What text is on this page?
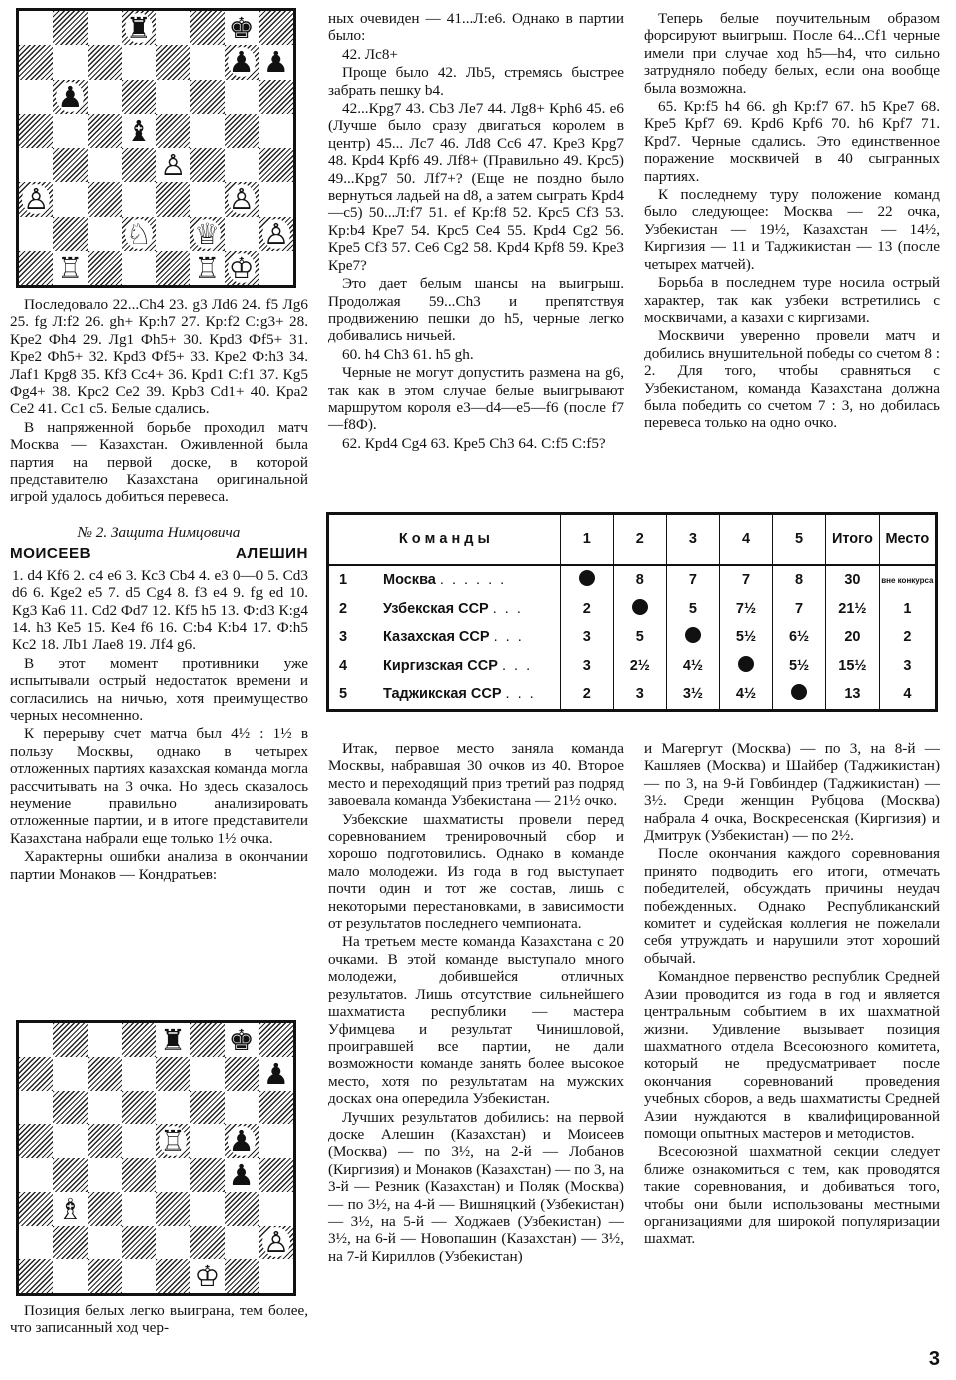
♜	♚
♟ ♟
♟
♝
♙
♙	♙
♘ ♕ ♙
♖	♖ ♔

Последовало 22...Сh4 23. g3 Лd6 24. f5 Лg6 25. fg Л:f2 26. gh+ Кр:h7 27. Кр:f2 С:g3+ 28. Крe2 Фh4 29. Лg1 Фh5+ 30. Крd3 Фf5+ 31. Крe2 Фh5+ 32. Крd3 Фf5+ 33. Крe2 Ф:h3 34. Лaf1 Крg8 35. Кf3 Сc4+ 36. Крd1 С:f1 37. Кg5 Фg4+ 38. Крc2 Сe2 39. Крb3 Сd1+ 40. Крa2 Сe2 41. Сc1 c5. Белые сдались.

В напряженной борьбе проходил матч Москва — Казахстан. Оживленной была партия на первой доске, в которой представителю Казахстана оригинальной игрой удалось добиться перевеса.

№ 2. Защита Нимцовича

МОИСЕЕВ	АЛЕШИН

1. d4 Кf6 2. c4 e6 3. Кc3 Сb4 4. e3 0—0 5. Сd3 d6 6. Кge2 e5 7. d5 Сg4 8. f3 e4 9. fg ed 10. Кg3 Кa6 11. Сd2 Фd7 12. Кf5 h5 13. Ф:d3 К:g4 14. h3 Кe5 15. Кe4 f6 16. С:b4 К:b4 17. Ф:h5 Кc2 18. Лb1 Лae8 19. Лf4 g6.

В этот момент противники уже испытывали острый недостаток времени и согласились на ничью, хотя преимущество черных несомненно.

К перерыву счет матча был 4½ : 1½ в пользу Москвы, однако в четырех отложенных партиях казахская команда могла рассчитывать на 3 очка. Но здесь сказалось неумение правильно анализировать отложенные партии, и в итоге представители Казахстана набрали еще только 1½ очка.

Характерны ошибки анализа в окончании партии Монаков — Кондратьев:

♜ ♚
♟
♖ ♟
♟
♗
♙
♔

Позиция белых легко выиграна, тем более, что записанный ход чер-

ных очевиден — 41...Л:e6. Однако в партии было:

42. Лc8+

Проще было 42. Лb5, стремясь быстрее забрать пешку b4.

42...Крg7 43. Сb3 Лe7 44. Лg8+ Крh6 45. e6 (Лучше было сразу двигаться королем в центр) 45... Лc7 46. Лd8 Сc6 47. Крe3 Крg7 48. Крd4 Крf6 49. Лf8+ (Правильно 49. Крc5) 49...Крg7 50. Лf7+? (Еще не поздно было вернуться ладьей на d8, а затем сыграть Крd4—c5) 50...Л:f7 51. ef Кр:f8 52. Крc5 Сf3 53. Кр:b4 Крe7 54. Крc5 Сe4 55. Крd4 Сg2 56. Крe5 Сf3 57. Сe6 Сg2 58. Крd4 Крf8 59. Крe3 Крe7?

Это дает белым шансы на выигрыш. Продолжая 59...Сh3 и препятствуя продвижению пешки до h5, черные легко добивались ничьей.

60. h4 Сh3 61. h5 gh.

Черные не могут допустить размена на g6, так как в этом случае белые выигрывают маршрутом короля e3—d4—e5—f6 (после f7—f8Ф).

62. Крd4 Сg4 63. Крe5 Сh3 64. С:f5 С:f5?

Теперь белые поучительным образом форсируют выигрыш. После 64...Сf1 черные имели при случае ход h5—h4, что сильно затрудняло победу белых, если она вообще была возможна.

65. Кр:f5 h4 66. gh Кр:f7 67. h5 Крe7 68. Крe5 Крf7 69. Крd6 Крf6 70. h6 Крf7 71. Крd7. Черные сдались. Это единственное поражение москвичей в 40 сыгранных партиях.

К последнему туру положение команд было следующее: Москва — 22 очка, Узбекистан — 19½, Казахстан — 14½, Киргизия — 11 и Таджикистан — 13 (после четырех матчей).

Борьба в последнем туре носила острый характер, так как узбеки встретились с москвичами, а казахи с киргизами.

Москвичи уверенно провели матч и добились внушительной победы со счетом 8 : 2. Для того, чтобы сравняться с Узбекистаном, команда Казахстана должна была победить со счетом 7 : 3, но добилась перевеса только на одно очко.

К о м а н д ы	1	2	3	4	5	Итого	Место
1 Москва . . . . . .		8	7	7	8	30	вне конкурса

2 Узбекская ССР . . .	2		5	7½	7	21½	1
3 Казахская ССР . . .	3	5		5½	6½	20	2
4 Киргизская ССР . . .	3	2½	4½		5½	15½	3
5 Таджикская ССР . . .	2	3	3½	4½		13	4

Итак, первое место заняла команда Москвы, набравшая 30 очков из 40. Второе место и переходящий приз третий раз подряд завоевала команда Узбекистана — 21½ очко.

Узбекские шахматисты провели перед соревнованием тренировочный сбор и хорошо подготовились. Однако в команде мало молодежи. Из года в год выступает почти один и тот же состав, лишь с некоторыми перестановками, в зависимости от результатов последнего чемпионата.

На третьем месте команда Казахстана с 20 очками. В этой команде выступало много молодежи, добившейся отличных результатов. Лишь отсутствие сильнейшего шахматиста республики — мастера Уфимцева и результат Чинишловой, проигравшей все партии, не дали возможности команде занять более высокое место, хотя по результатам на мужских досках она опередила Узбекистан.

Лучших результатов добились: на первой доске Алешин (Казахстан) и Моисеев (Москва) — по 3½, на 2-й — Лобанов (Киргизия) и Монаков (Казахстан) — по 3, на 3-й — Резник (Казахстан) и Поляк (Москва) — по 3½, на 4-й — Вишняцкий (Узбекистан) — 3½, на 5-й — Ходжаев (Узбекистан) — 3½, на 6-й — Новопашин (Казахстан) — 3½, на 7-й Кириллов (Узбекистан)

и Магергут (Москва) — по 3, на 8-й — Кашляев (Москва) и Шайбер (Таджикистан) — по 3, на 9-й Говбиндер (Таджикистан) — 3½. Среди женщин Рубцова (Москва) набрала 4 очка, Воскресенская (Киргизия) и Дмитрук (Узбекистан) — по 2½.

После окончания каждого соревнования принято подводить его итоги, отмечать победителей, обсуждать причины неудач побежденных. Однако Республиканский комитет и судейская коллегия не пожелали себя утруждать и нарушили этот хороший обычай.

Командное первенство республик Средней Азии проводится из года в год и является центральным событием в их шахматной жизни. Удивление вызывает позиция шахматного отдела Всесоюзного комитета, который не предусматривает после окончания соревнований проведения учебных сборов, а ведь шахматисты Средней Азии нуждаются в квалифицированной помощи опытных мастеров и методистов.

Всесоюзной шахматной секции следует ближе ознакомиться с тем, как проводятся такие соревнования, и добиваться того, чтобы они были использованы местными организациями для широкой популяризации шахмат.

3
